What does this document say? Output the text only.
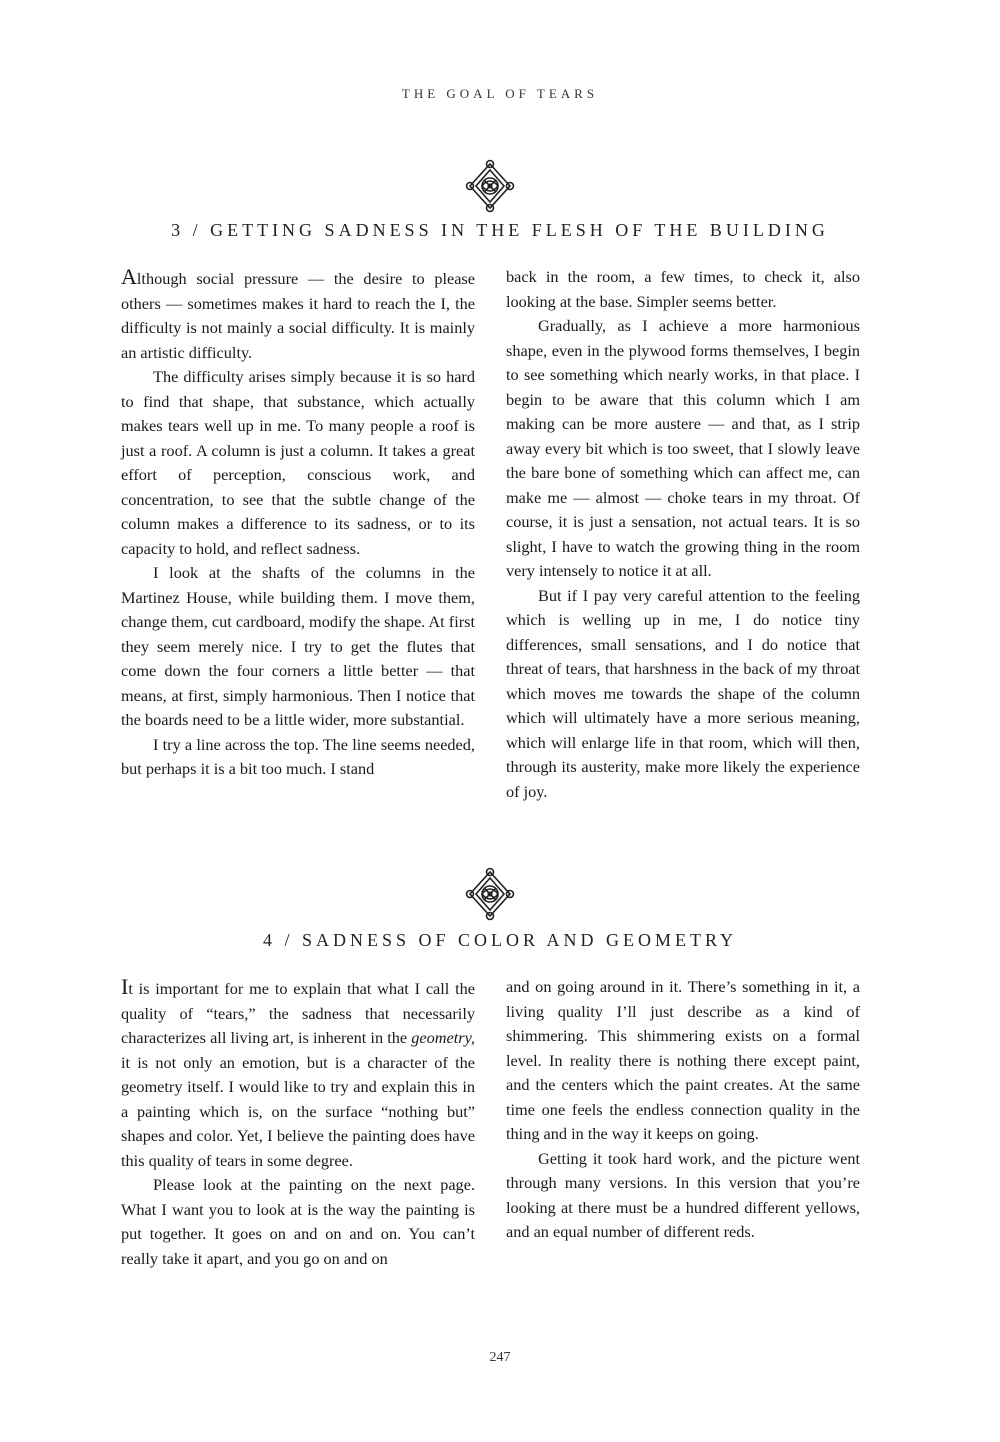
THE GOAL OF TEARS
3 / GETTING SADNESS IN THE FLESH OF THE BUILDING

Although social pressure — the desire to please others — sometimes makes it hard to reach the I, the difficulty is not mainly a social difficulty. It is mainly an artistic difficulty.

The difficulty arises simply because it is so hard to find that shape, that substance, which actually makes tears well up in me. To many people a roof is just a roof. A column is just a column. It takes a great effort of perception, conscious work, and concentration, to see that the subtle change of the column makes a difference to its sadness, or to its capacity to hold, and reflect sadness.

I look at the shafts of the columns in the Martinez House, while building them. I move them, change them, cut cardboard, modify the shape. At first they seem merely nice. I try to get the flutes that come down the four corners a little better — that means, at first, simply harmonious. Then I notice that the boards need to be a little wider, more substantial.

I try a line across the top. The line seems needed, but perhaps it is a bit too much. I stand

back in the room, a few times, to check it, also looking at the base. Simpler seems better.

Gradually, as I achieve a more harmonious shape, even in the plywood forms themselves, I begin to see something which nearly works, in that place. I begin to be aware that this column which I am making can be more austere — and that, as I strip away every bit which is too sweet, that I slowly leave the bare bone of something which can affect me, can make me — almost — choke tears in my throat. Of course, it is just a sensation, not actual tears. It is so slight, I have to watch the growing thing in the room very intensely to notice it at all.

But if I pay very careful attention to the feeling which is welling up in me, I do notice tiny differences, small sensations, and I do notice that threat of tears, that harshness in the back of my throat which moves me towards the shape of the column which will ultimately have a more serious meaning, which will enlarge life in that room, which will then, through its austerity, make more likely the experience of joy.

4 / SADNESS OF COLOR AND GEOMETRY

It is important for me to explain that what I call the quality of “tears,” the sadness that necessarily characterizes all living art, is inherent in the geometry, it is not only an emotion, but is a character of the geometry itself. I would like to try and explain this in a painting which is, on the surface “nothing but” shapes and color. Yet, I believe the painting does have this quality of tears in some degree.

Please look at the painting on the next page. What I want you to look at is the way the painting is put together. It goes on and on and on. You can’t really take it apart, and you go on and on

and on going around in it. There’s something in it, a living quality I’ll just describe as a kind of shimmering. This shimmering exists on a formal level. In reality there is nothing there except paint, and the centers which the paint creates. At the same time one feels the endless connection quality in the thing and in the way it keeps on going.

Getting it took hard work, and the picture went through many versions. In this version that you’re looking at there must be a hundred different yellows, and an equal number of different reds.

247
